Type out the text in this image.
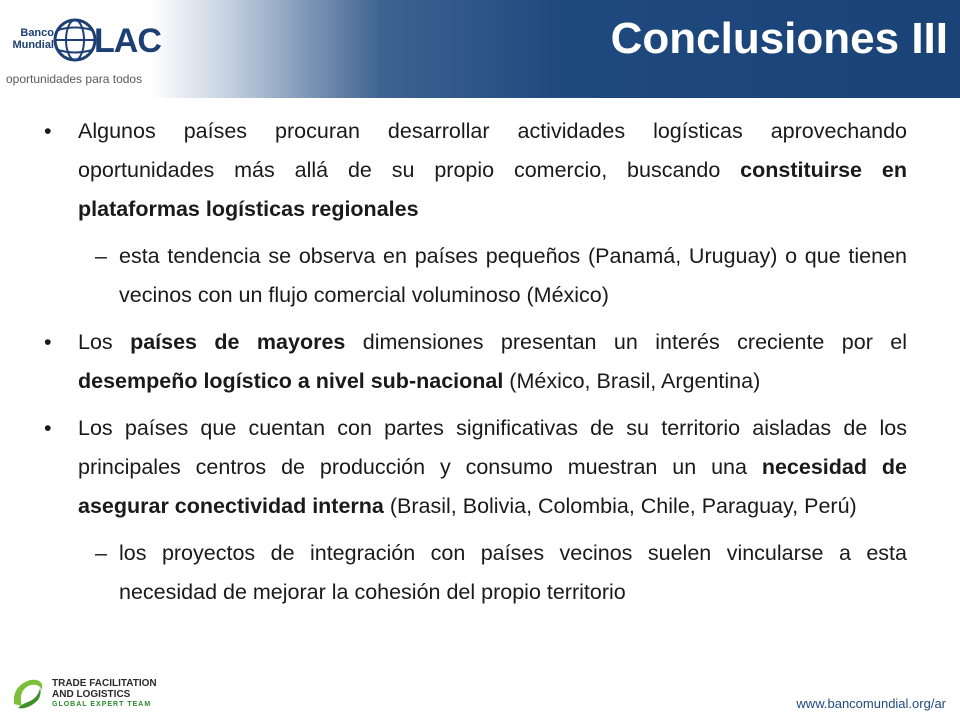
Banco
Mundial LAC
oportunidades para todos
Conclusiones III
• Algunos países procuran desarrollar actividades logísticas aprovechando oportunidades más allá de su propio comercio, buscando constituirse en plataformas logísticas regionales
– esta tendencia se observa en países pequeños (Panamá, Uruguay) o que tienen vecinos con un flujo comercial voluminoso (México)
• Los países de mayores dimensiones presentan un interés creciente por el desempeño logístico a nivel sub-nacional (México, Brasil, Argentina)
• Los países que cuentan con partes significativas de su territorio aisladas de los principales centros de producción y consumo muestran un una necesidad de asegurar conectividad interna (Brasil, Bolivia, Colombia, Chile, Paraguay, Perú)
– los proyectos de integración con países vecinos suelen vincularse a esta necesidad de mejorar la cohesión del propio territorio
TRADE FACILITATION
AND LOGISTICS
GLOBAL EXPERT TEAM	www.bancomundial.org/ar
